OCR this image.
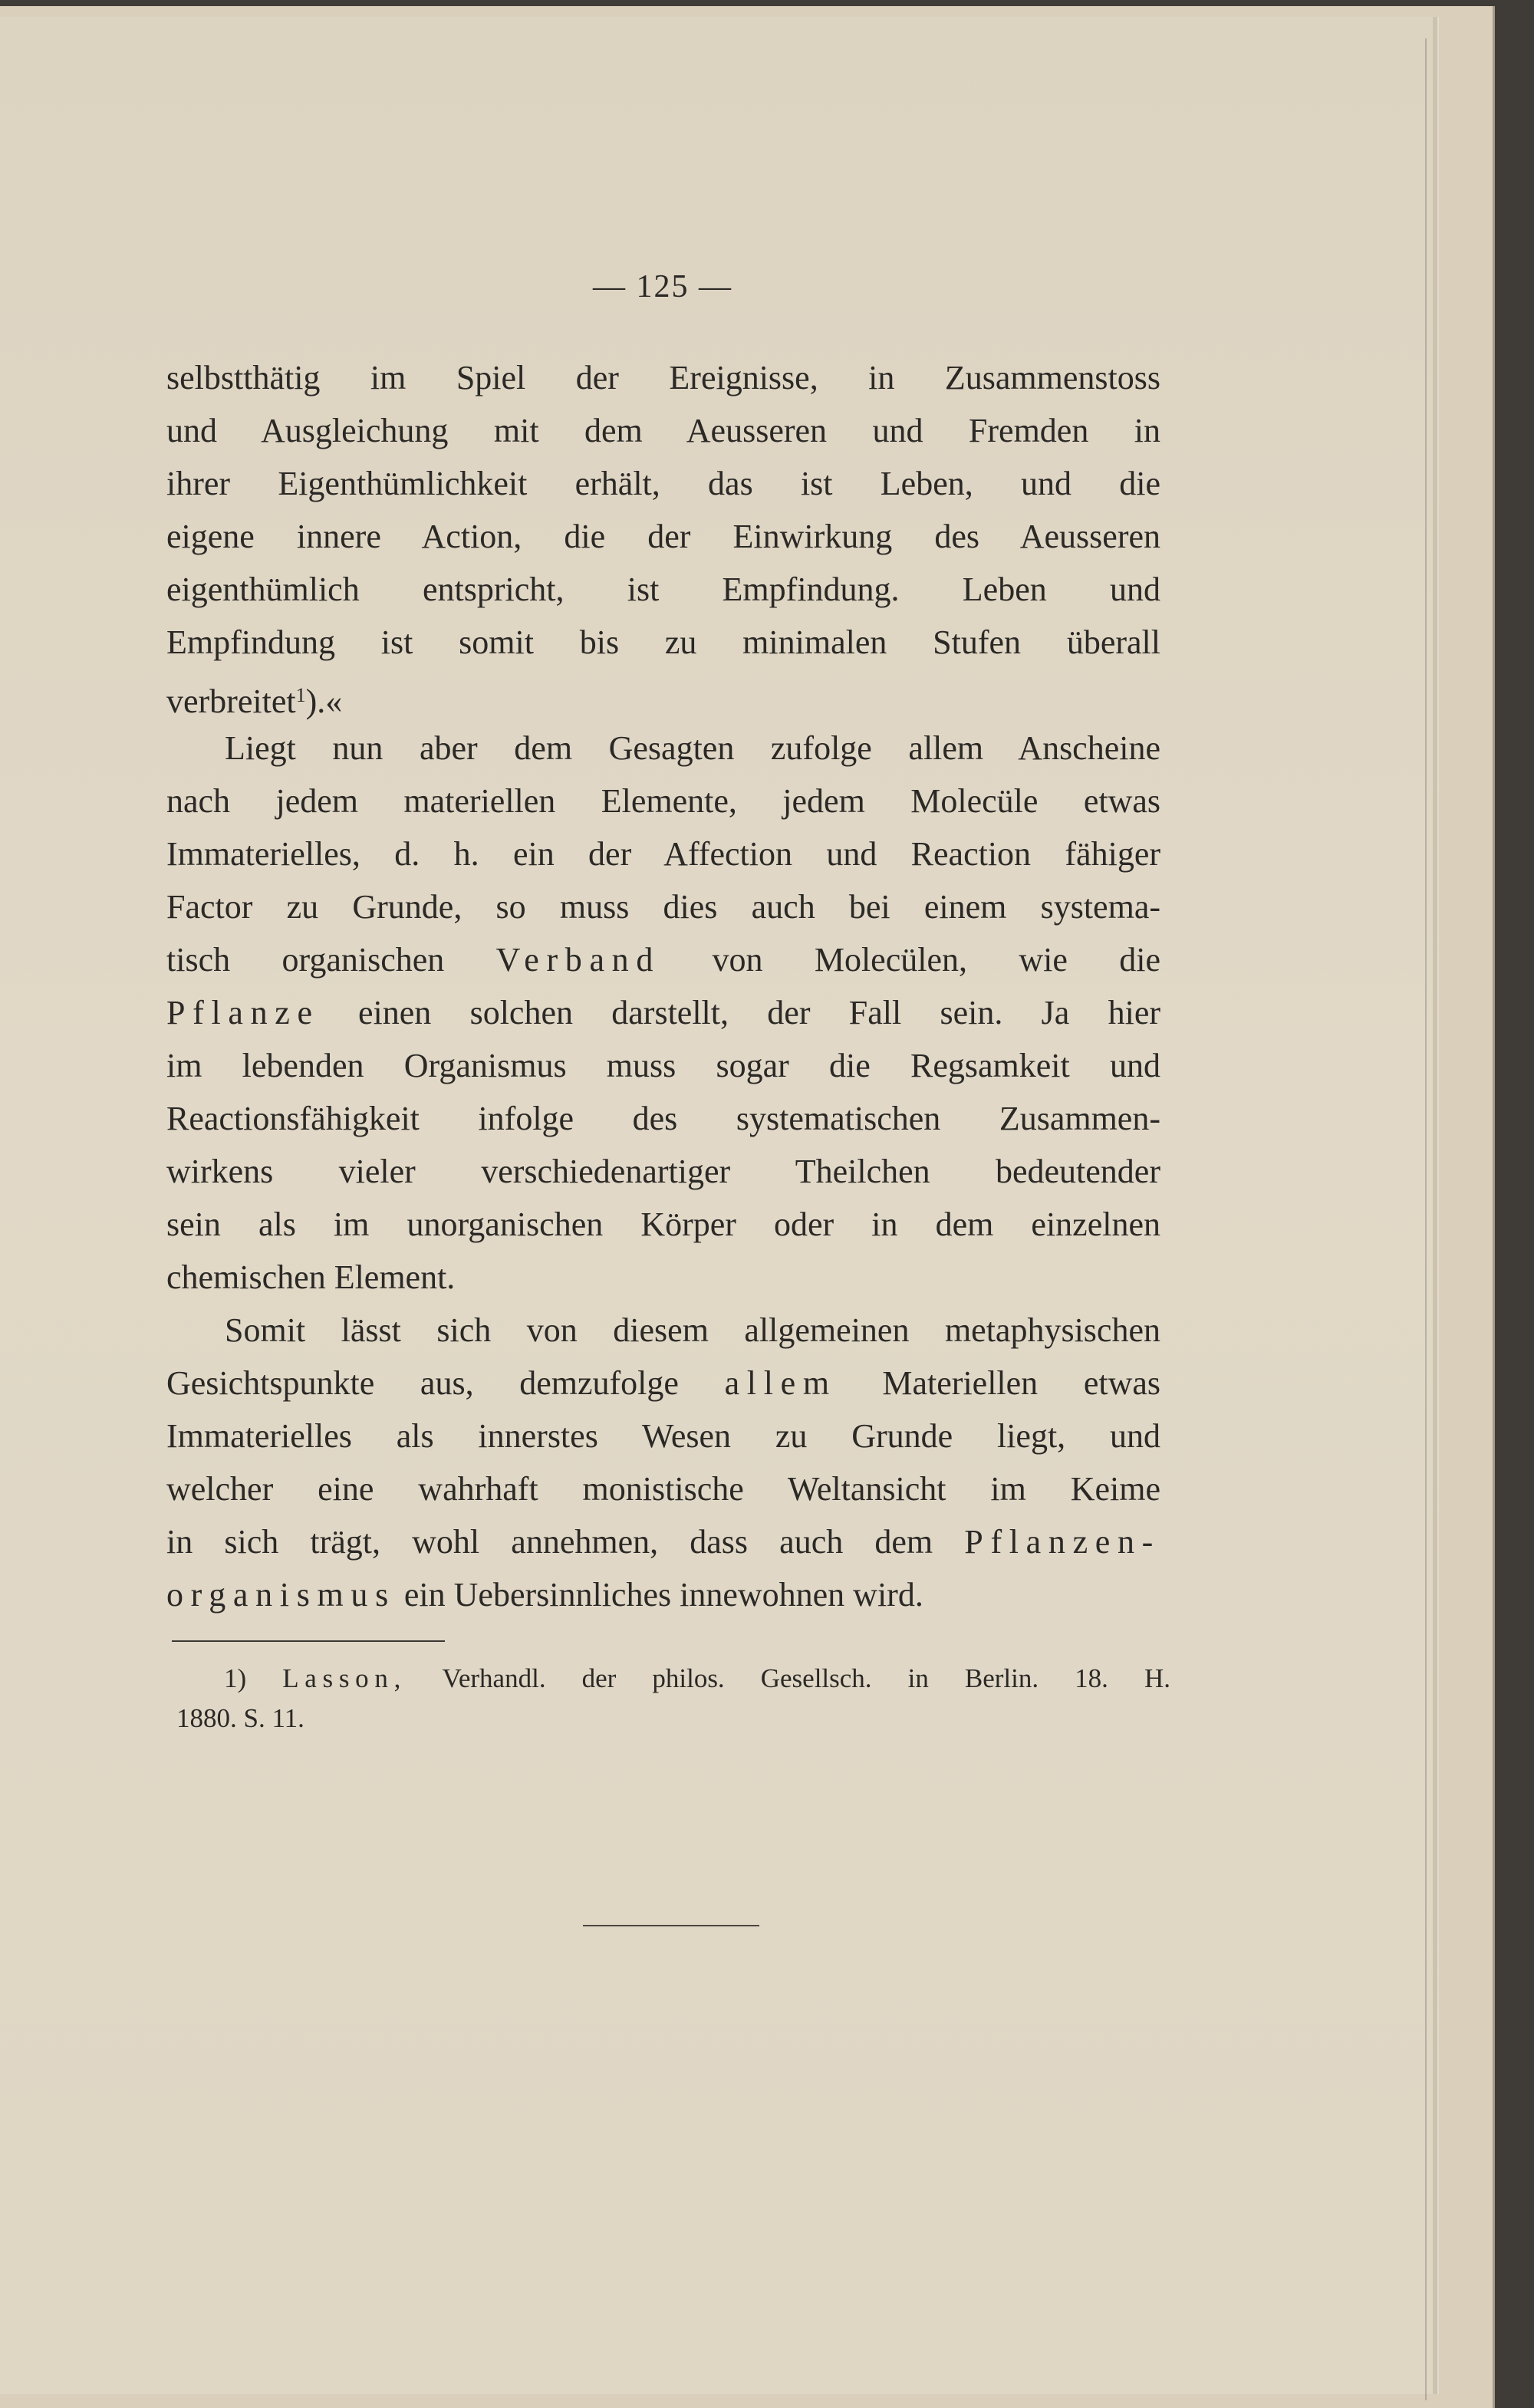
— 125 —
selbstthätig im Spiel der Ereignisse, in Zusammenstoss
und Ausgleichung mit dem Aeusseren und Fremden in
ihrer Eigenthümlichkeit erhält, das ist Leben, und die
eigene innere Action, die der Einwirkung des Aeusseren
eigenthümlich entspricht, ist Empfindung. Leben und
Empfindung ist somit bis zu minimalen Stufen überall
verbreitet$^1$).«
Liegt nun aber dem Gesagten zufolge allem Anscheine
nach jedem materiellen Elemente, jedem Molecüle etwas
Immaterielles, d. h. ein der Affection und Reaction fähiger
Factor zu Grunde, so muss dies auch bei einem systema-
tisch organischen Verband von Molecülen, wie die
Pflanze einen solchen darstellt, der Fall sein. Ja hier
im lebenden Organismus muss sogar die Regsamkeit und
Reactionsfähigkeit infolge des systematischen Zusammen-
wirkens vieler verschiedenartiger Theilchen bedeutender
sein als im unorganischen Körper oder in dem einzelnen
chemischen Element.
Somit lässt sich von diesem allgemeinen metaphysischen
Gesichtspunkte aus, demzufolge allem Materiellen etwas
Immaterielles als innerstes Wesen zu Grunde liegt, und
welcher eine wahrhaft monistische Weltansicht im Keime
in sich trägt, wohl annehmen, dass auch dem Pflanzen-
organismus ein Uebersinnliches innewohnen wird.
1) Lasson, Verhandl. der philos. Gesellsch. in Berlin. 18. H.
1880. S. 11.
